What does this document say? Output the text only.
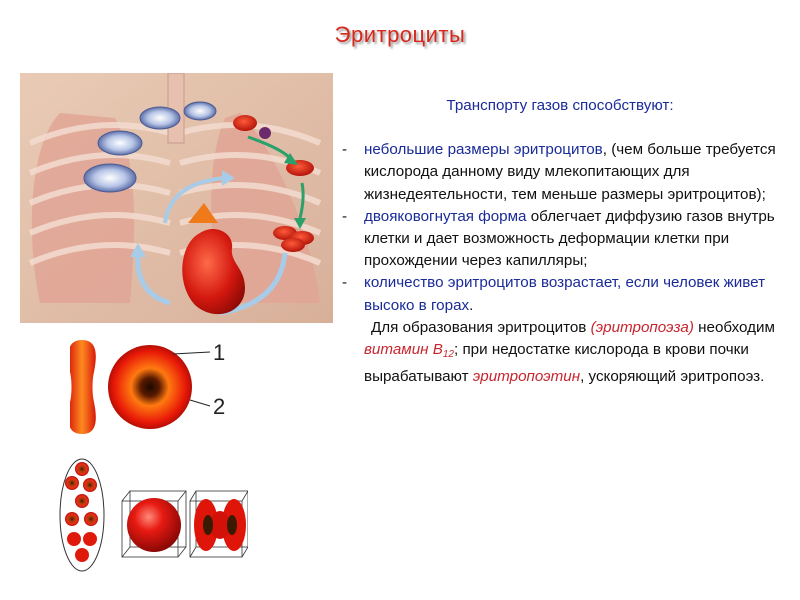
Эритроциты
1
2
Транспорту газов способствуют:
- небольшие размеры эритроцитов, (чем больше требуется кислорода данному виду млекопитающих для жизнедеятельности, тем меньше размеры эритроцитов);
- двояковогнутая форма облегчает диффузию газов внутрь клетки и дает возможность деформации клетки при прохождении через капилляры;
- количество эритроцитов возрастает, если человек живет высоко в горах.
Для образования эритроцитов (эритропоэза) необходим витамин $В_{12}$; при недостатке кислорода в крови почки вырабатывают эритропоэтин, ускоряющий эритропоэз.
